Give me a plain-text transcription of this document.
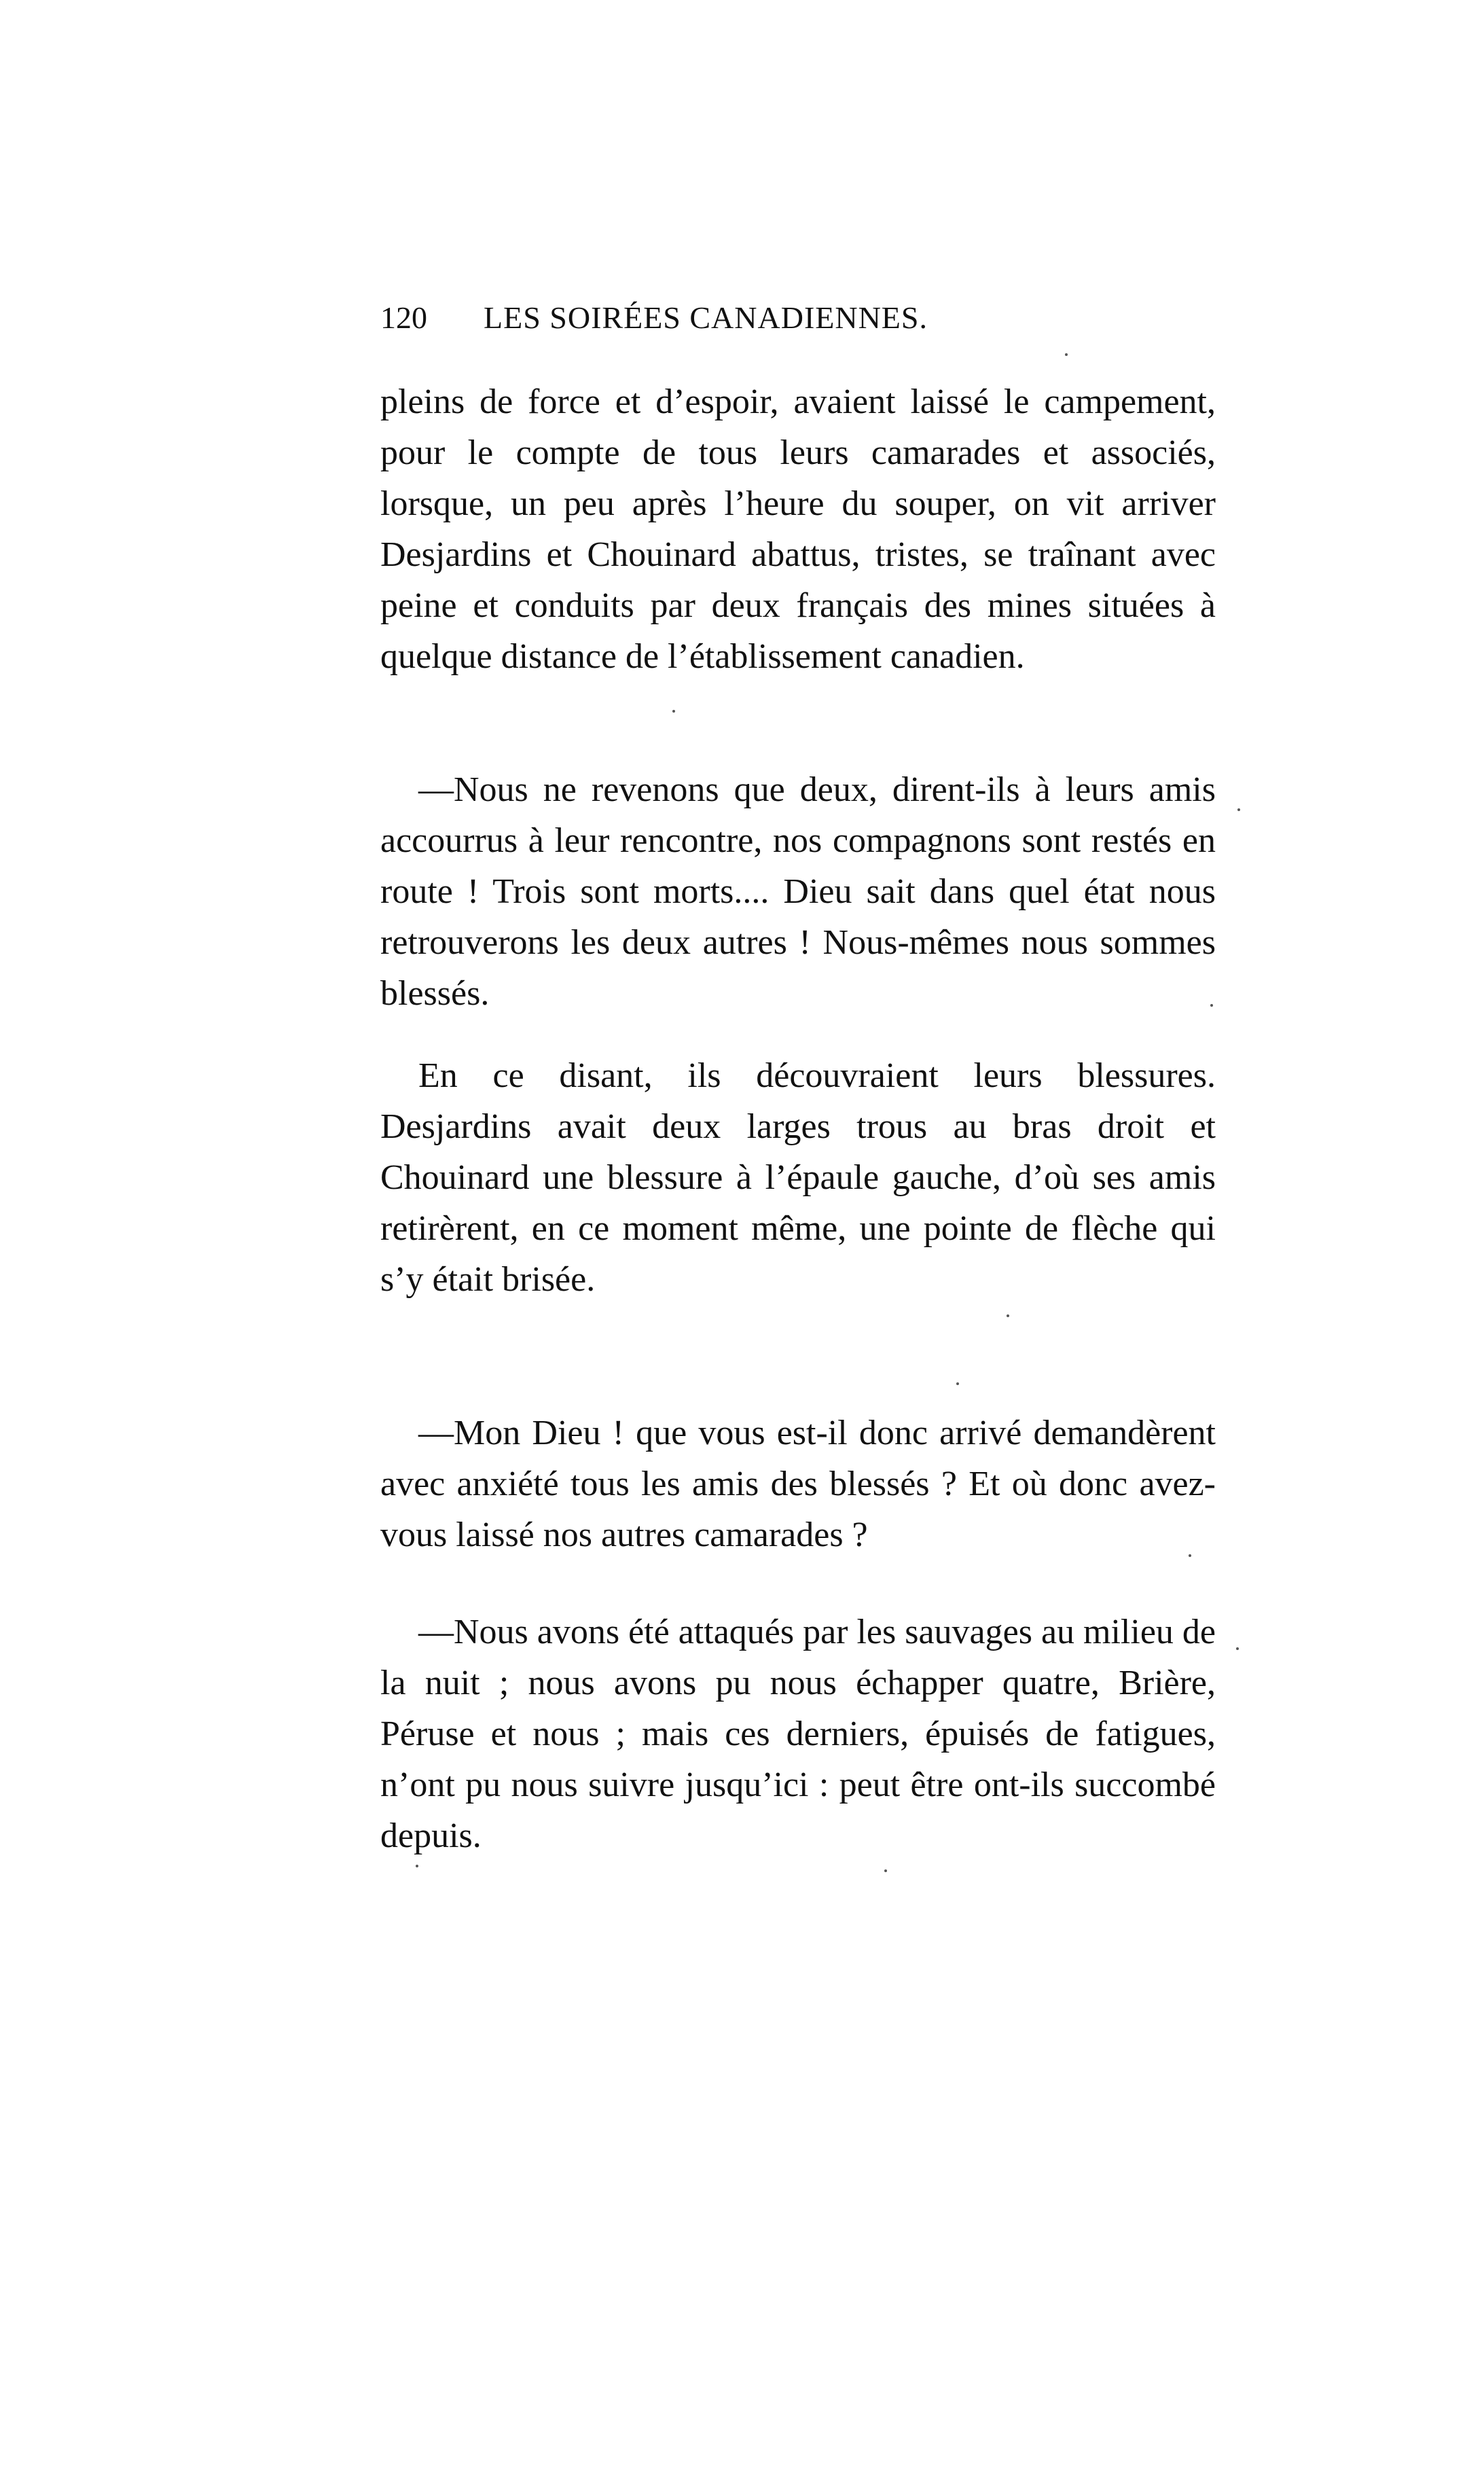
120	LES SOIRÉES CANADIENNES.

pleins de force et d’espoir, avaient laissé le campement, pour le compte de tous leurs camarades et associés, lorsque, un peu après l’heure du souper, on vit arriver Desjardins et Chouinard abattus, tristes, se traînant avec peine et conduits par deux français des mines situées à quelque distance de l’établissement canadien.

—Nous ne revenons que deux, dirent-ils à leurs amis accourrus à leur rencontre, nos compagnons sont restés en route ! Trois sont morts.... Dieu sait dans quel état nous retrouverons les deux autres ! Nous-mêmes nous sommes blessés.

En ce disant, ils découvraient leurs blessures. Desjardins avait deux larges trous au bras droit et Chouinard une blessure à l’épaule gauche, d’où ses amis retirèrent, en ce moment même, une pointe de flèche qui s’y était brisée.

—Mon Dieu ! que vous est-il donc arrivé demandèrent avec anxiété tous les amis des blessés ? Et où donc avez-vous laissé nos autres camarades ?

—Nous avons été attaqués par les sauvages au milieu de la nuit ; nous avons pu nous échapper quatre, Brière, Péruse et nous ; mais ces derniers, épuisés de fatigues, n’ont pu nous suivre jusqu’ici : peut être ont-ils succombé depuis.
